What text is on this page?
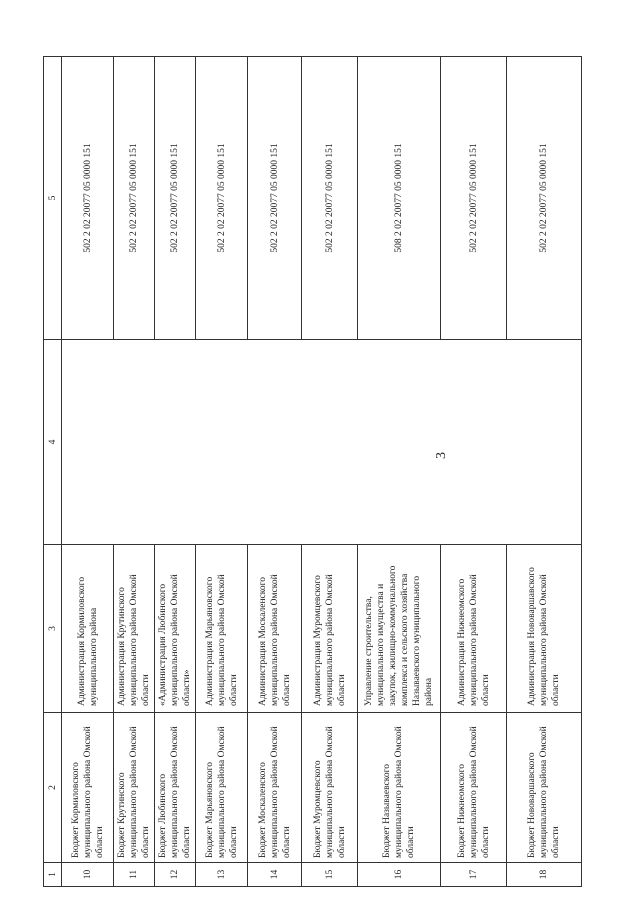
3
1	2	3	4	5
10	Бюджет Кормиловского муниципального района Омской области	Администрация Кормиловского муниципального района		502 2 02 20077 05 0000 151
11	Бюджет Крутинского муниципального района Омской области	Администрация Крутинского муниципального района Омской области		502 2 02 20077 05 0000 151
12	Бюджет Любинского муниципального района Омской области	«Администрация Любинского муниципального района Омской области»		502 2 02 20077 05 0000 151
13	Бюджет Марьяновского муниципального района Омской области	Администрация Марьяновского муниципального района Омской области		502 2 02 20077 05 0000 151
14	Бюджет Москаленского муниципального района Омской области	Администрация Москаленского муниципального района Омской области		502 2 02 20077 05 0000 151
15	Бюджет Муромцевского муниципального района Омской области	Администрация Муромцевского муниципального района Омской области		502 2 02 20077 05 0000 151
16	Бюджет Называевского муниципального района Омской области	Управление строительства, муниципального имущества и закупок, жилищно-коммунального комплекса и сельского хозяйства Называевского муниципального района		508 2 02 20077 05 0000 151
17	Бюджет Нижнеомского муниципального района Омской области	Администрация Нижнеомского муниципального района Омской области		502 2 02 20077 05 0000 151
18	Бюджет Нововаршавского муниципального района Омской области	Администрация Нововаршавского муниципального района Омской области		502 2 02 20077 05 0000 151
